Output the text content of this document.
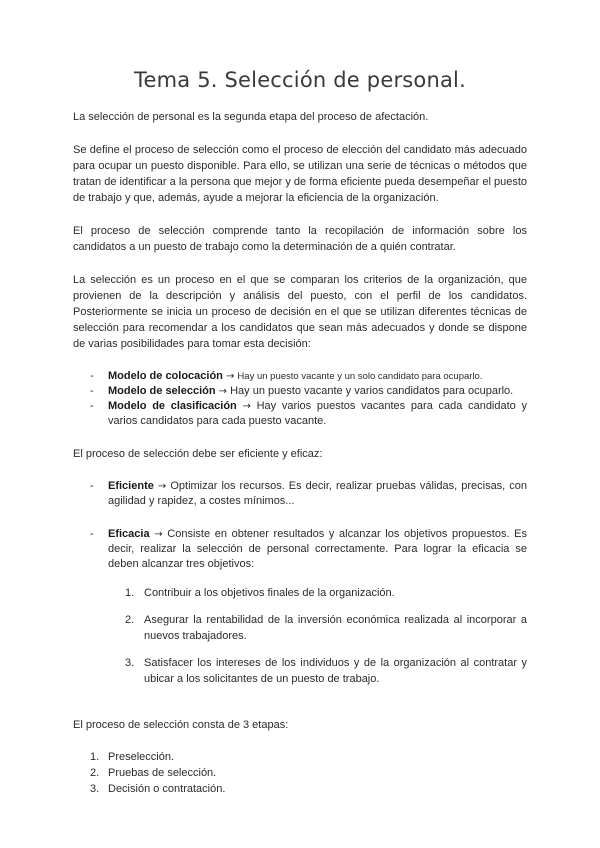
Tema 5. Selección de personal.

La selección de personal es la segunda etapa del proceso de afectación.

Se define el proceso de selección como el proceso de elección del candidato más adecuado para ocupar un puesto disponible. Para ello, se utilizan una serie de técnicas o métodos que tratan de identificar a la persona que mejor y de forma eficiente pueda desempeñar el puesto de trabajo y que, además, ayude a mejorar la eficiencia de la organización.

El proceso de selección comprende tanto la recopilación de información sobre los candidatos a un puesto de trabajo como la determinación de a quién contratar.

La selección es un proceso en el que se comparan los criterios de la organización, que provienen de la descripción y análisis del puesto, con el perfil de los candidatos. Posteriormente se inicia un proceso de decisión en el que se utilizan diferentes técnicas de selección para recomendar a los candidatos que sean más adecuados y donde se dispone de varias posibilidades para tomar esta decisión:

- Modelo de colocación → Hay un puesto vacante y un solo candidato para ocuparlo.
- Modelo de selección → Hay un puesto vacante y varios candidatos para ocuparlo.
- Modelo de clasificación → Hay varios puestos vacantes para cada candidato y varios candidatos para cada puesto vacante.

El proceso de selección debe ser eficiente y eficaz:

- Eficiente → Optimizar los recursos. Es decir, realizar pruebas válidas, precisas, con agilidad y rapidez, a costes mínimos...
- Eficacia → Consiste en obtener resultados y alcanzar los objetivos propuestos. Es decir, realizar la selección de personal correctamente. Para lograr la eficacia se deben alcanzar tres objetivos:
1. Contribuir a los objetivos finales de la organización.
2. Asegurar la rentabilidad de la inversión económica realizada al incorporar a nuevos trabajadores.
3. Satisfacer los intereses de los individuos y de la organización al contratar y ubicar a los solicitantes de un puesto de trabajo.

El proceso de selección consta de 3 etapas:

1. Preselección.
2. Pruebas de selección.
3. Decisión o contratación.
